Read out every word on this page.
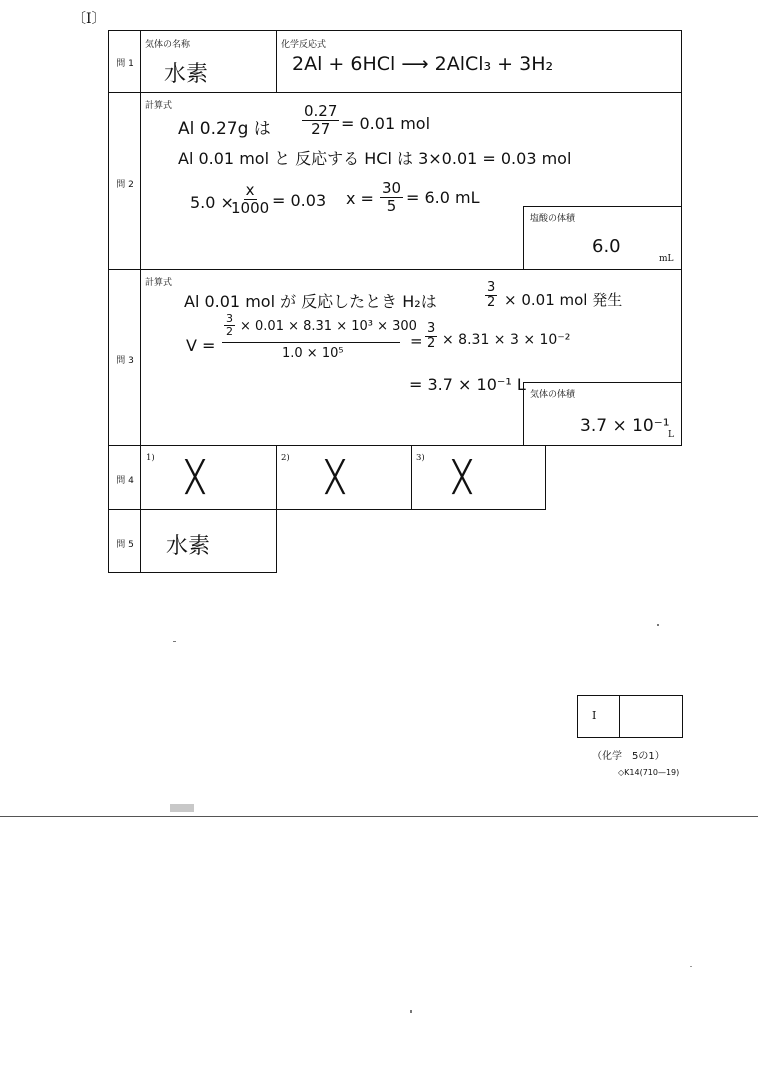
〔Ⅰ〕
問 1
気体の名称
水素
化学反応式
2Al + 6HCl ⟶ 2AlCl₃ + 3H₂
問 2
計算式
Al 0.27g は $\frac{0.27}{27} = 0.01$ mol
Al 0.01 mol と 反応する HCl は 3×0.01 = 0.03 mol
5.0 ×
$\frac{x}{1000} = 0.03$ $x = \frac{30}{5} = 6.0$ mL
塩酸の体積
6.0
mL
問 3
計算式
Al 0.01 mol が 反応したとき H₂は	$\frac{3}{2} \times 0.01$ mol 発生
V =
$\frac{3}{2} \times 0.01 \times 8.31 \times 10^3 \times 300$
1.0 × 10⁵
= $\frac{3}{2} \times 8.31 \times 3 \times 10^{-2}$
= 3.7 × 10⁻¹ L
気体の体積
3.7 × 10⁻¹
L
問 4
1)
╳
2)
╳
3)
╳
問 5 水素
Ⅰ
（化学　5の1）
◇K14(710—19)
